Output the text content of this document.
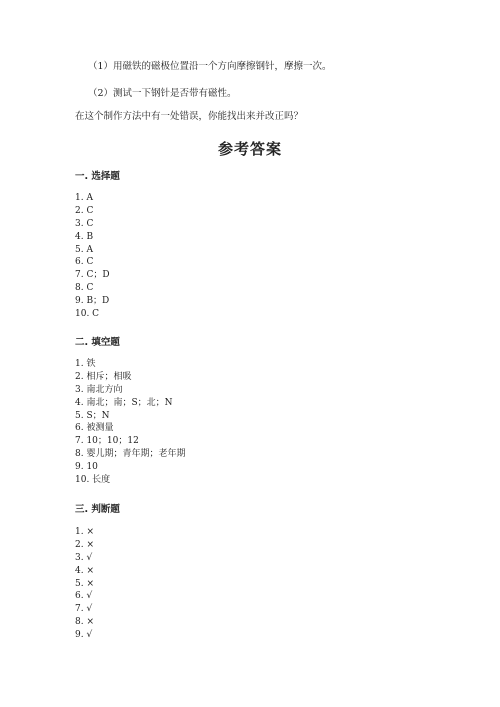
（1）用磁铁的磁极位置沿一个方向摩擦钢针，摩擦一次。
（2）测试一下钢针是否带有磁性。
在这个制作方法中有一处错误，你能找出来并改正吗？
参考答案
一. 选择题
1. A
2. C
3. C
4. B
5. A
6. C
7. C；D
8. C
9. B；D
10. C
二. 填空题
1. 铁
2. 相斥；相吸
3. 南北方向
4. 南北；南；S；北；N
5. S；N
6. 被测量
7. 10；10；12
8. 婴儿期；青年期；老年期
9. 10
10. 长度
三. 判断题
1. ×
2. ×
3. √
4. ×
5. ×
6. √
7. √
8. ×
9. √
